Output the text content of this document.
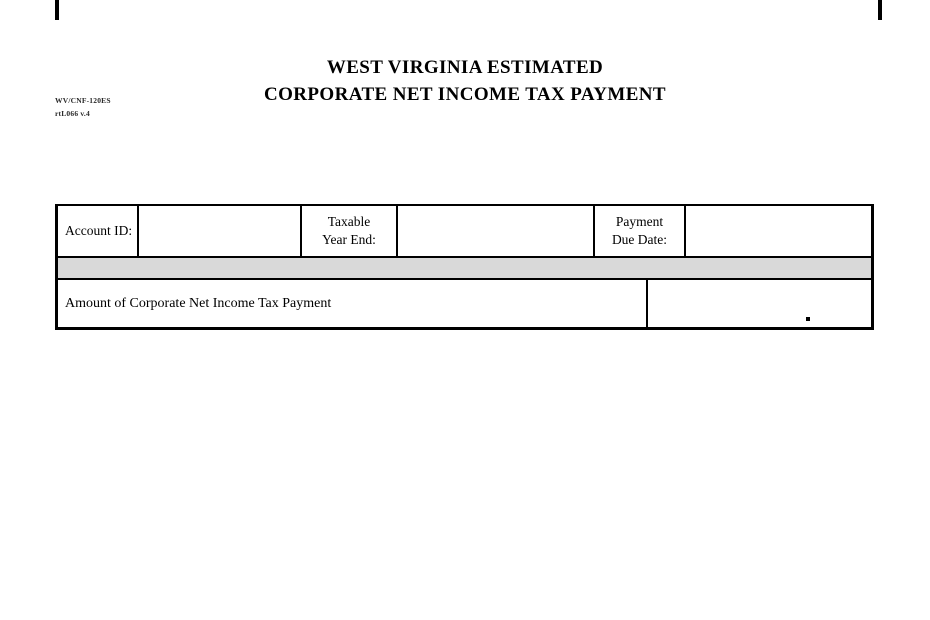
WV/CNF-120ES
rtL066 v.4
WEST VIRGINIA ESTIMATED
CORPORATE NET INCOME TAX PAYMENT
Account ID:
Taxable
Year End:
Payment
Due Date:
Amount of Corporate Net Income Tax Payment
